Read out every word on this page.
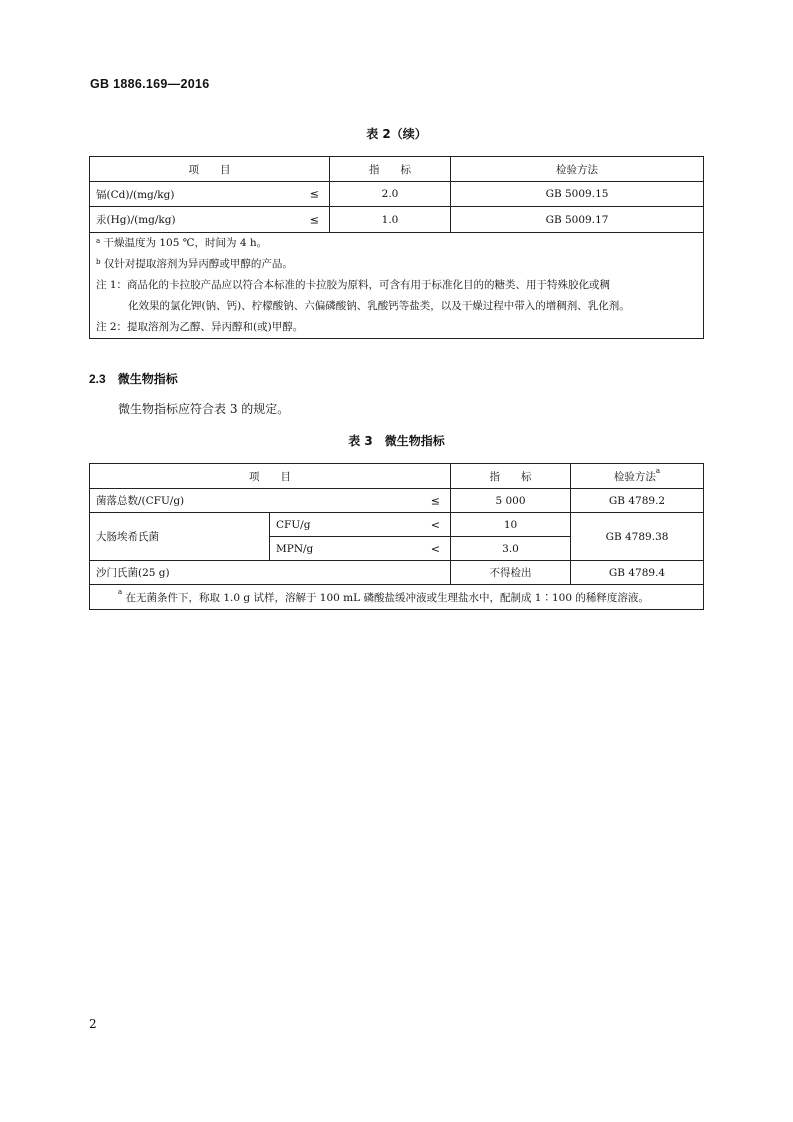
GB 1886.169—2016
表 2（续）
项　　目	指　　标	检验方法
镉(Cd)/(mg/kg) ≤	2.0	GB 5009.15
汞(Hg)/(mg/kg) ≤	1.0	GB 5009.17

$^a$ 干燥温度为 105 ℃，时间为 4 h。
$^b$ 仅针对提取溶剂为异丙醇或甲醇的产品。
注 1：商品化的卡拉胶产品应以符合本标准的卡拉胶为原料，可含有用于标准化目的的糖类、用于特殊胶化或稠
化效果的氯化钾(钠、钙)、柠檬酸钠、六偏磷酸钠、乳酸钙等盐类，以及干燥过程中带入的增稠剂、乳化剂。
注 2：提取溶剂为乙醇、异丙醇和(或)甲醇。		
2.3 微生物指标
微生物指标应符合表 3 的规定。
表 3　微生物指标
项　　目		指　　标	检验方法$^a$
菌落总数/(CFU/g) ≤		5 000	GB 4789.2
大肠埃希氏菌	CFU/g <	10	GB 4789.38
	MPN/g <	3.0	
沙门氏菌(25 g)		不得检出	GB 4789.4
$^a$ 在无菌条件下，称取 1.0 g 试样，溶解于 100 mL 磷酸盐缓冲液或生理盐水中，配制成 1∶100 的稀释度溶液。			
2
